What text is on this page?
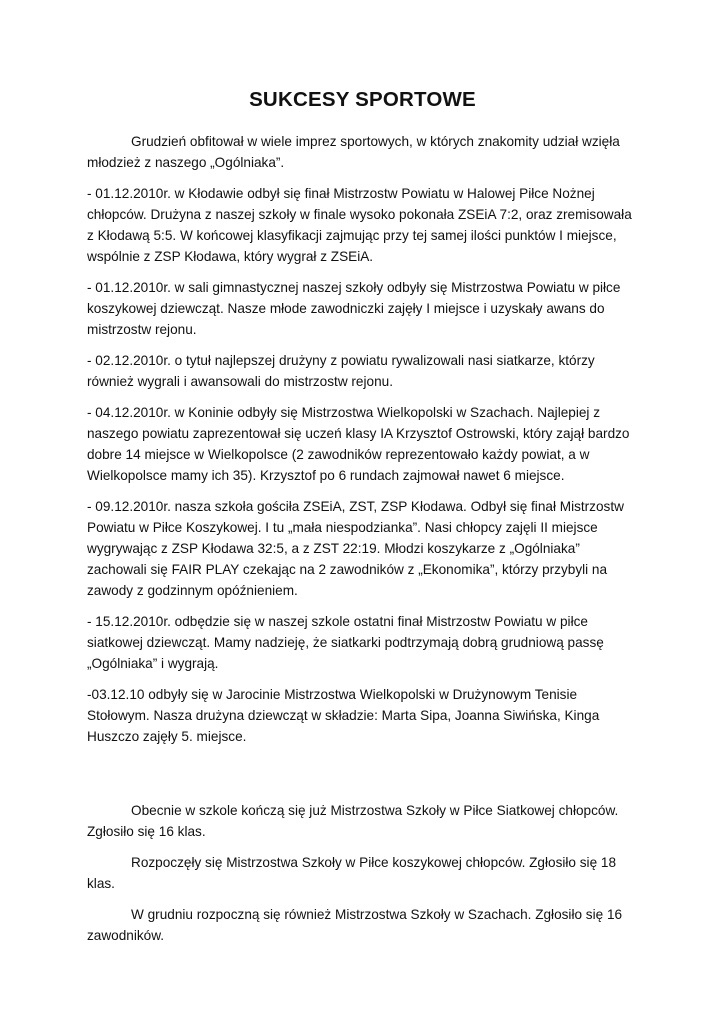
SUKCESY SPORTOWE

Grudzień obfitował w wiele imprez sportowych, w których znakomity udział wzięła młodzież z naszego „Ogólniaka”.

- 01.12.2010r. w Kłodawie odbył się finał Mistrzostw Powiatu w Halowej Piłce Nożnej chłopców. Drużyna z naszej szkoły w finale wysoko pokonała ZSEiA 7:2, oraz zremisowała z Kłodawą 5:5. W końcowej klasyfikacji zajmując przy tej samej ilości punktów I miejsce, wspólnie z ZSP Kłodawa, który wygrał z ZSEiA.

- 01.12.2010r. w sali gimnastycznej naszej szkoły odbyły się Mistrzostwa Powiatu w piłce koszykowej dziewcząt. Nasze młode zawodniczki zajęły I miejsce i uzyskały awans do mistrzostw rejonu.

- 02.12.2010r. o tytuł najlepszej drużyny z powiatu rywalizowali nasi siatkarze, którzy również wygrali i awansowali do mistrzostw rejonu.

- 04.12.2010r. w Koninie odbyły się Mistrzostwa Wielkopolski w Szachach. Najlepiej z naszego powiatu zaprezentował się uczeń klasy IA Krzysztof Ostrowski, który zajął bardzo dobre 14 miejsce w Wielkopolsce (2 zawodników reprezentowało każdy powiat, a w Wielkopolsce mamy ich 35). Krzysztof po 6 rundach zajmował nawet 6 miejsce.

- 09.12.2010r. nasza szkoła gościła ZSEiA, ZST, ZSP Kłodawa. Odbył się finał Mistrzostw Powiatu w Piłce Koszykowej. I tu „mała niespodzianka”. Nasi chłopcy zajęli II miejsce wygrywając z ZSP Kłodawa 32:5, a z ZST 22:19. Młodzi koszykarze z „Ogólniaka” zachowali się FAIR PLAY czekając na 2 zawodników z „Ekonomika”, którzy przybyli na zawody z godzinnym opóźnieniem.

- 15.12.2010r. odbędzie się w naszej szkole ostatni finał Mistrzostw Powiatu w piłce siatkowej dziewcząt. Mamy nadzieję, że siatkarki podtrzymają dobrą grudniową passę „Ogólniaka” i wygrają.

-03.12.10 odbyły się w Jarocinie Mistrzostwa Wielkopolski w Drużynowym Tenisie Stołowym. Nasza drużyna dziewcząt w składzie: Marta Sipa, Joanna Siwińska, Kinga Huszczo zajęły 5. miejsce.

Obecnie w szkole kończą się już Mistrzostwa Szkoły w Piłce Siatkowej chłopców. Zgłosiło się 16 klas.

Rozpoczęły się Mistrzostwa Szkoły w Piłce koszykowej chłopców. Zgłosiło się 18 klas.

W grudniu rozpoczną się również Mistrzostwa Szkoły w Szachach. Zgłosiło się 16 zawodników.
